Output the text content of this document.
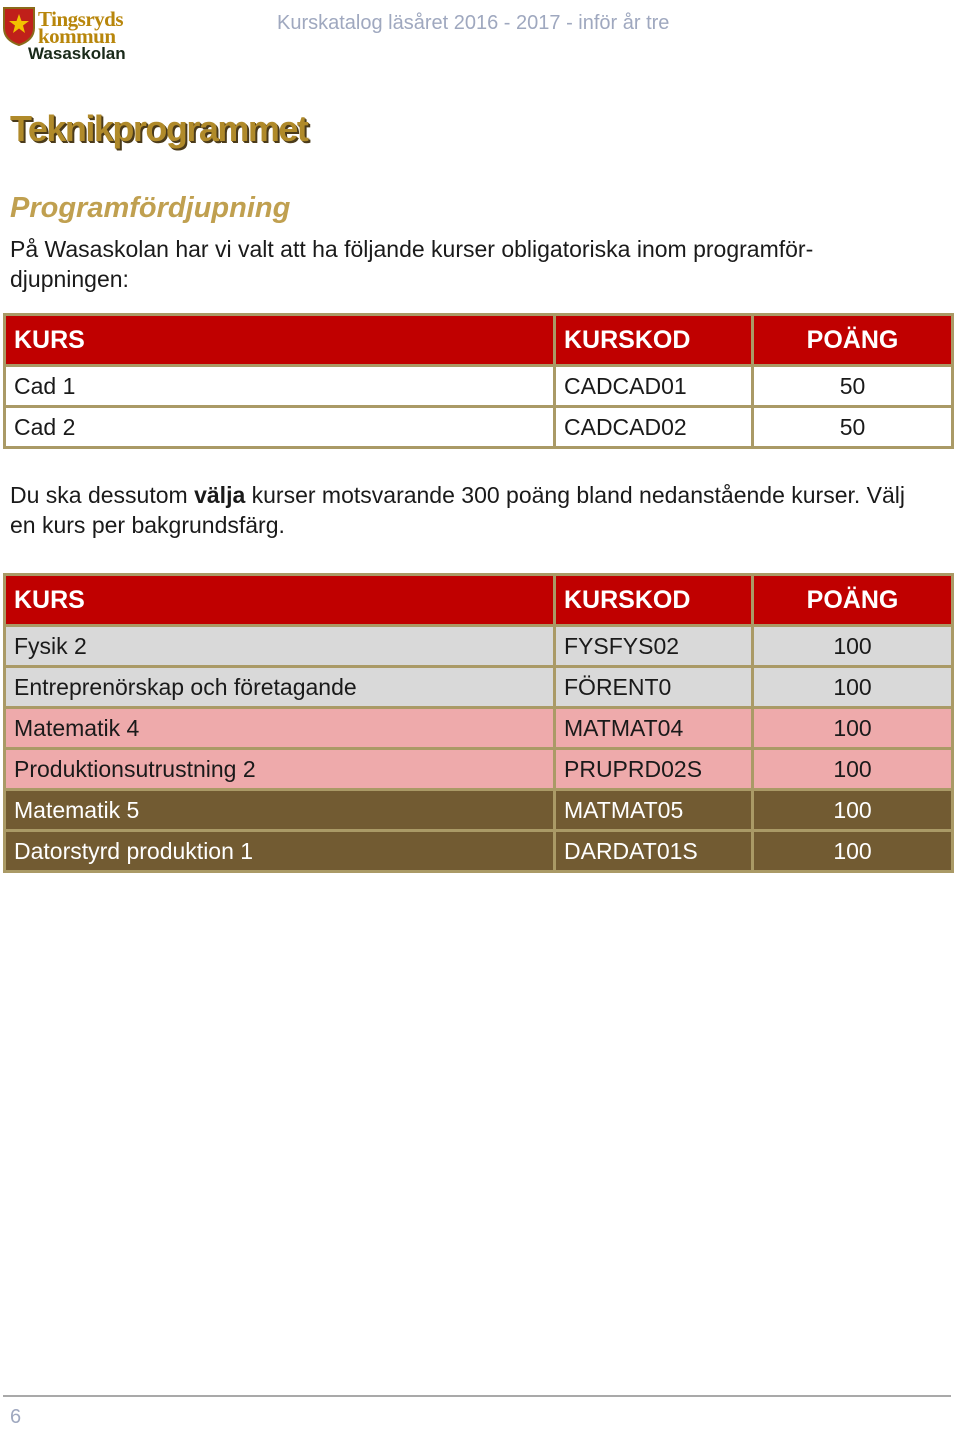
Tingsryds
kommun
Wasaskolan
Kurskatalog läsåret 2016 - 2017 - inför år tre
Teknikprogrammet
Programfördjupning

På Wasaskolan har vi valt att ha följande kurser obligatoriska inom programför-djupningen:

KURS	KURSKOD	POÄNG
Cad 1	CADCAD01	50
Cad 2	CADCAD02	50

Du ska dessutom välja kurser motsvarande 300 poäng bland nedanstående kurser. Välj en kurs per bakgrundsfärg.

KURS	KURSKOD	POÄNG
Fysik 2	FYSFYS02	100
Entreprenörskap och företagande	FÖRENT0	100
Matematik 4	MATMAT04	100
Produktionsutrustning 2	PRUPRD02S	100
Matematik 5	MATMAT05	100
Datorstyrd produktion 1	DARDAT01S	100
6
